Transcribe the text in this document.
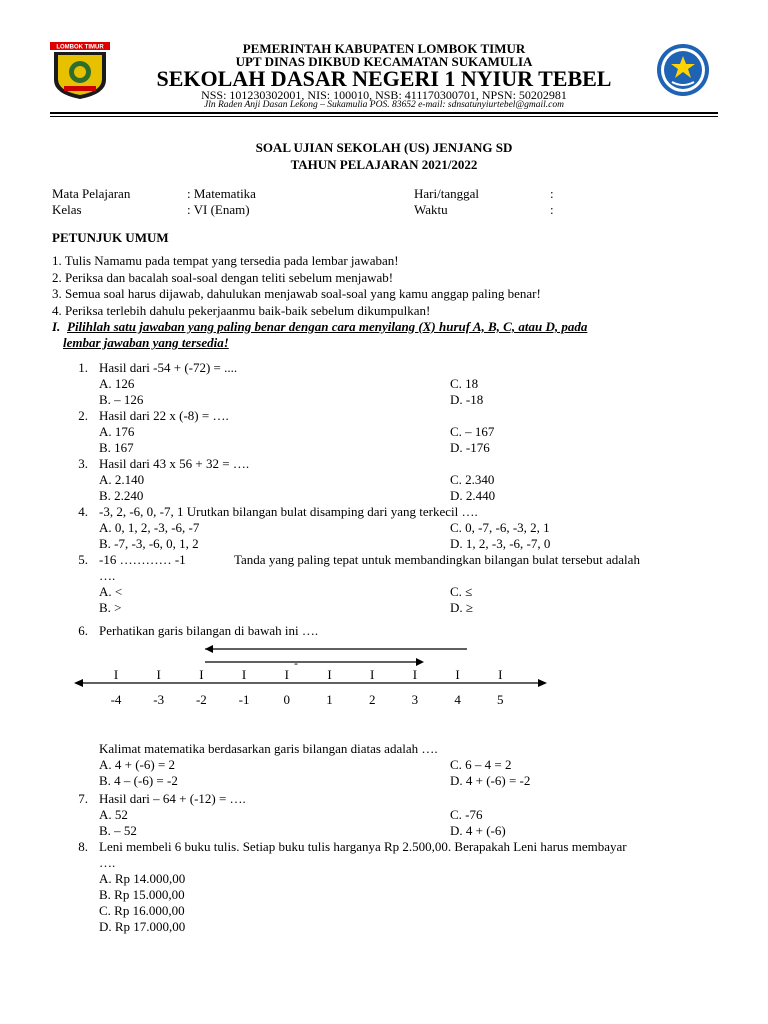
LOMBOK TIMUR	PEMERINTAH KABUPATEN LOMBOK TIMUR
UPT DINAS DIKBUD KECAMATAN SUKAMULIA
SEKOLAH DASAR NEGERI 1 NYIUR TEBEL
NSS: 101230302001, NIS: 100010, NSB: 411170300701, NPSN: 50202981
Jln Raden Anji Dasan Lekong – Sukamulia POS. 83652 e-mail: sdnsatunyiurtebel@gmail.com
SOAL UJIAN SEKOLAH (US) JENJANG SD
TAHUN PELAJARAN 2021/2022
Mata Pelajaran	: Matematika	Hari/tanggal	:
Kelas	: VI (Enam)	Waktu	:
PETUNJUK UMUM
1. Tulis Namamu pada tempat yang tersedia pada lembar jawaban!
2. Periksa dan bacalah soal-soal dengan teliti sebelum menjawab!
3. Semua soal harus dijawab, dahulukan menjawab soal-soal yang kamu anggap paling benar!
4. Periksa terlebih dahulu pekerjaanmu baik-baik sebelum dikumpulkan!
I. Pilihlah satu jawaban yang paling benar dengan cara menyilang (X) huruf A, B, C, atau D, pada
lembar jawaban yang tersedia!
1. Hasil dari -54 + (-72) = ....
A. 126	C. 18
B. – 126	D. -18
2. Hasil dari 22 x (-8) = ….
A. 176	C. – 167
B. 167	D. -176
3. Hasil dari 43 x 56 + 32 = ….
A. 2.140	C. 2.340
B. 2.240	D. 2.440
4. -3, 2, -6, 0, -7, 1 Urutkan bilangan bulat disamping dari yang terkecil ….
A. 0, 1, 2, -3, -6, -7	C. 0, -7, -6, -3, 2, 1
B. -7, -3, -6, 0, 1, 2	D. 1, 2, -3, -6, -7, 0
5. -16 ………… -1	Tanda yang paling tepat untuk membandingkan bilangan bulat tersebut adalah
….
A. <	C. ≤
B. >	D. ≥
6. Perhatikan garis bilangan di bawah ini ….
-
I	I	I	I	I	I	I	I	I	I
-4 -3 -2 -1	0	1	2	3	4	5
Kalimat matematika berdasarkan garis bilangan diatas adalah ….
A. 4 + (-6) = 2	C. 6 – 4 = 2
B. 4 – (-6) = -2	D. 4 + (-6) = -2
7. Hasil dari – 64 + (-12) = ….
A. 52	C. -76
B. – 52	D. 4 + (-6)
8. Leni membeli 6 buku tulis. Setiap buku tulis harganya Rp 2.500,00. Berapakah Leni harus membayar
….
A. Rp 14.000,00
B. Rp 15.000,00
C. Rp 16.000,00
D. Rp 17.000,00
